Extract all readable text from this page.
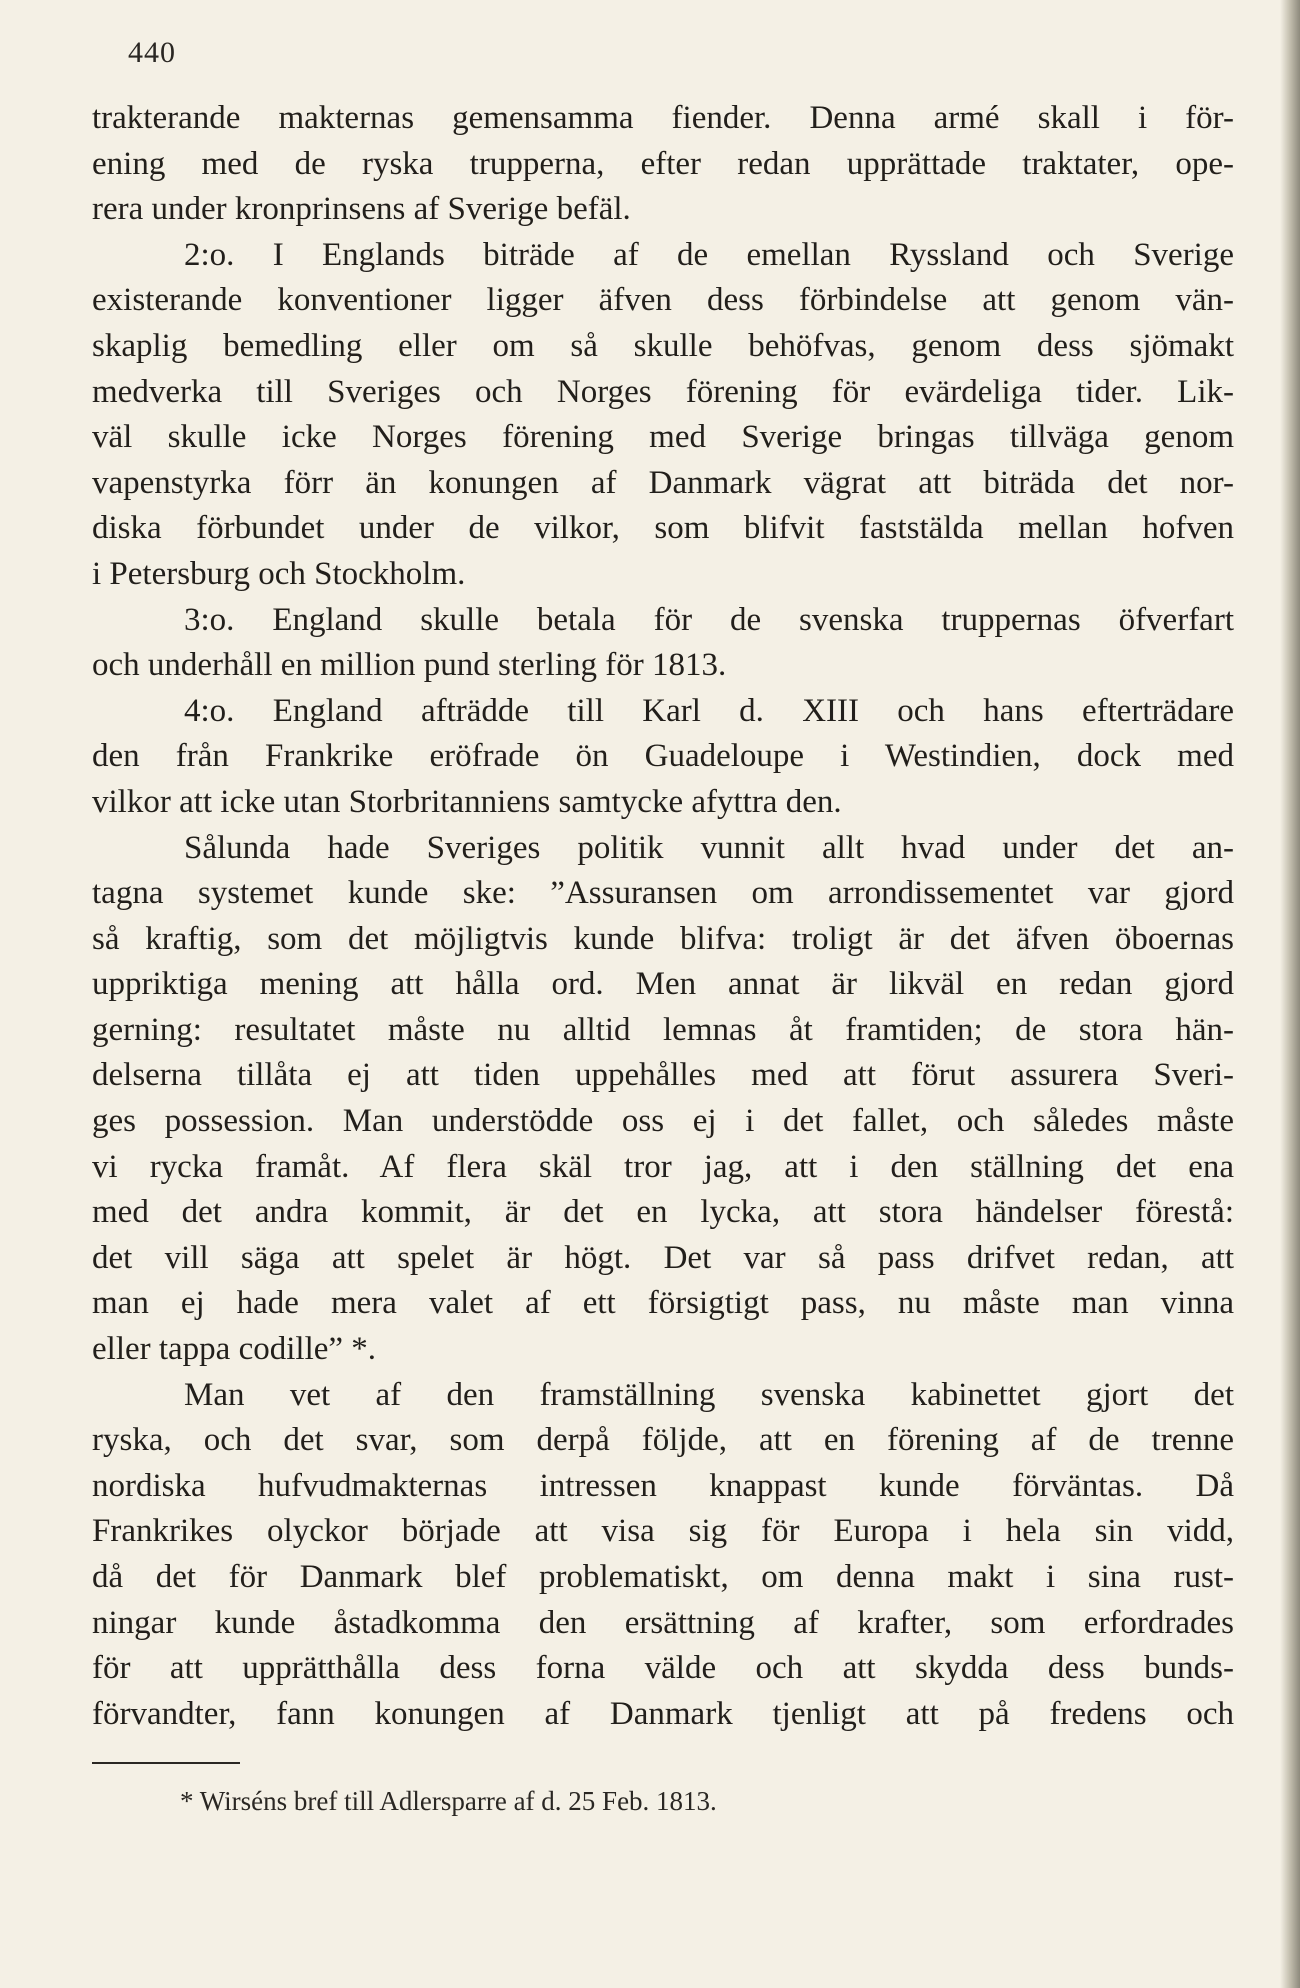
440
trakterande makternas gemensamma fiender. Denna armé skall i för-
ening med de ryska trupperna, efter redan upprättade traktater, ope-
rera under kronprinsens af Sverige befäl.
2:o. I Englands biträde af de emellan Ryssland och Sverige
existerande konventioner ligger äfven dess förbindelse att genom vän-
skaplig bemedling eller om så skulle behöfvas, genom dess sjömakt
medverka till Sveriges och Norges förening för evärdeliga tider. Lik-
väl skulle icke Norges förening med Sverige bringas tillväga genom
vapenstyrka förr än konungen af Danmark vägrat att biträda det nor-
diska förbundet under de vilkor, som blifvit faststälda mellan hofven
i Petersburg och Stockholm.
3:o. England skulle betala för de svenska truppernas öfverfart
och underhåll en million pund sterling för 1813.
4:o. England afträdde till Karl d. XIII och hans efterträdare
den från Frankrike eröfrade ön Guadeloupe i Westindien, dock med
vilkor att icke utan Storbritanniens samtycke afyttra den.
Sålunda hade Sveriges politik vunnit allt hvad under det an-
tagna systemet kunde ske: ”Assuransen om arrondissementet var gjord
så kraftig, som det möjligtvis kunde blifva: troligt är det äfven öboernas
uppriktiga mening att hålla ord. Men annat är likväl en redan gjord
gerning: resultatet måste nu alltid lemnas åt framtiden; de stora hän-
delserna tillåta ej att tiden uppehålles med att förut assurera Sveri-
ges possession. Man understödde oss ej i det fallet, och således måste
vi rycka framåt. Af flera skäl tror jag, att i den ställning det ena
med det andra kommit, är det en lycka, att stora händelser förestå:
det vill säga att spelet är högt. Det var så pass drifvet redan, att
man ej hade mera valet af ett försigtigt pass, nu måste man vinna
eller tappa codille” *.
Man vet af den framställning svenska kabinettet gjort det
ryska, och det svar, som derpå följde, att en förening af de trenne
nordiska hufvudmakternas intressen knappast kunde förväntas. Då
Frankrikes olyckor började att visa sig för Europa i hela sin vidd,
då det för Danmark blef problematiskt, om denna makt i sina rust-
ningar kunde åstadkomma den ersättning af krafter, som erfordrades
för att upprätthålla dess forna välde och att skydda dess bunds-
förvandter, fann konungen af Danmark tjenligt att på fredens och
* Wirséns bref till Adlersparre af d. 25 Feb. 1813.
